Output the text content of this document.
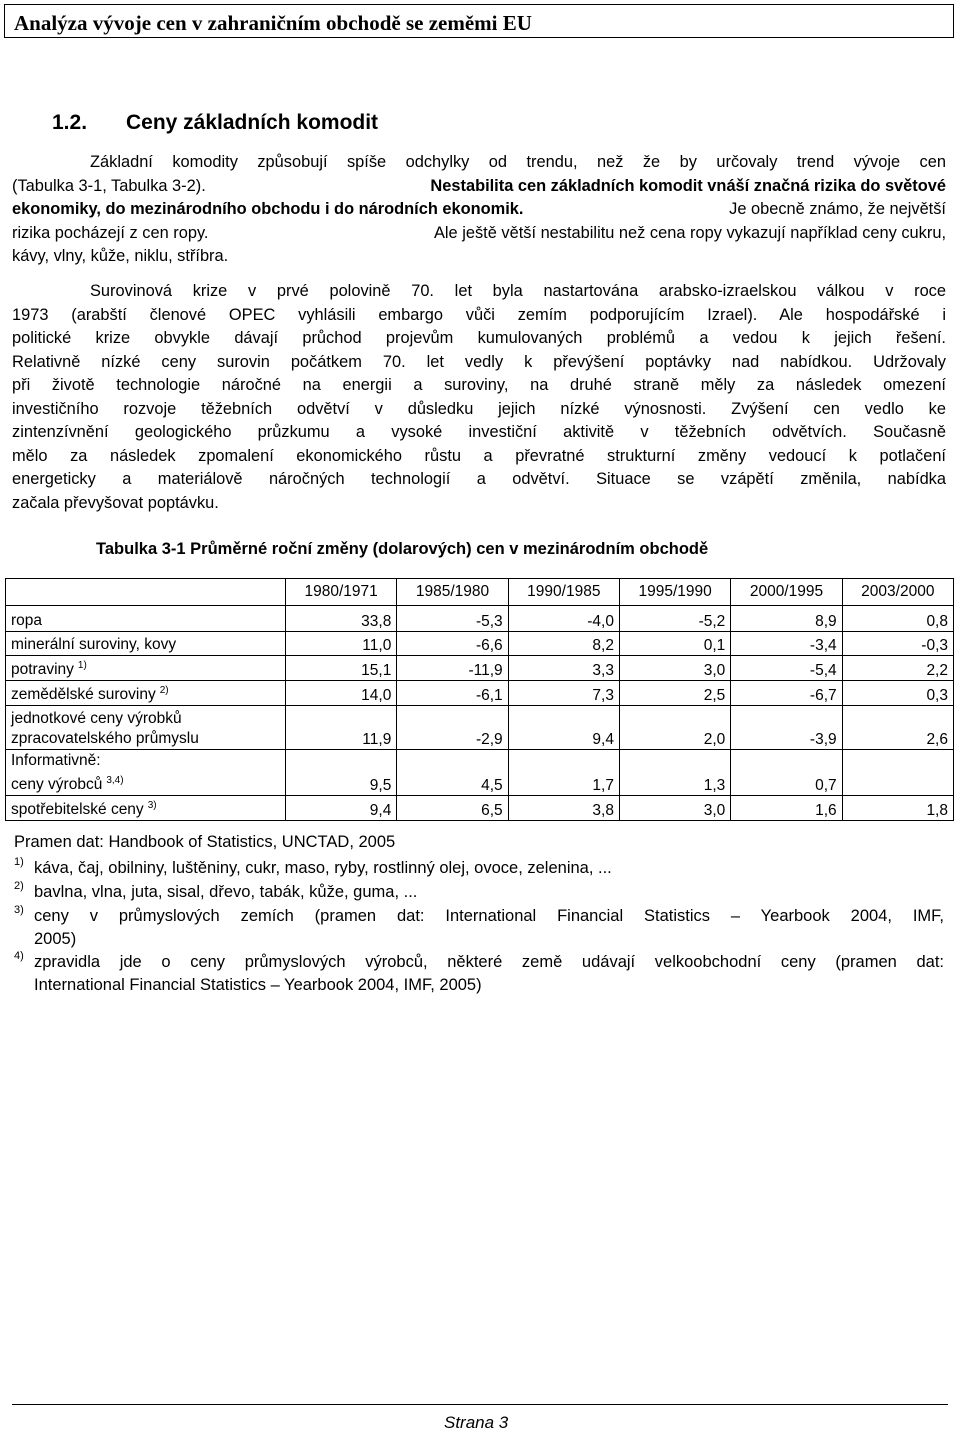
Analýza vývoje cen v zahraničním obchodě se zeměmi EU
1.2. Ceny základních komodit
Základní komodity způsobují spíše odchylky od trendu, než že by určovaly trend vývoje cen
(Tabulka 3-1, Tabulka 3-2).	Nestabilita cen základních komodit vnáší značná rizika do světové
ekonomiky, do mezinárodního obchodu i do národních ekonomik.	Je obecně známo, že největší
rizika pocházejí z cen ropy.	Ale ještě větší nestabilitu než cena ropy vykazují například ceny cukru,
kávy, vlny, kůže, niklu, stříbra.
Surovinová krize v prvé polovině 70. let byla nastartována arabsko-izraelskou válkou v roce
1973 (arabští členové OPEC vyhlásili embargo vůči zemím podporujícím Izrael). Ale hospodářské i
politické krize obvykle dávají průchod projevům kumulovaných problémů a vedou k jejich řešení.
Relativně nízké ceny surovin počátkem 70. let vedly k převýšení poptávky nad nabídkou. Udržovaly
při životě technologie náročné na energii a suroviny, na druhé straně měly za následek omezení
investičního rozvoje těžebních odvětví v důsledku jejich nízké výnosnosti. Zvýšení cen vedlo ke
zintenzívnění geologického průzkumu a vysoké investiční aktivitě v těžebních odvětvích. Současně
mělo za následek zpomalení ekonomického růstu a převratné strukturní změny vedoucí k potlačení
energeticky a materiálově náročných technologií a odvětví. Situace se vzápětí změnila, nabídka
začala převyšovat poptávku.
Tabulka 3-1 Průměrné roční změny (dolarových) cen v mezinárodním obchodě
	1980/1971	1985/1980	1990/1985	1995/1990	2000/1995	2003/2000

ropa	33,8	-5,3	-4,0	-5,2	8,9	0,8

minerální suroviny, kovy	11,0	-6,6	8,2	0,1	-3,4	-0,3

potraviny $^{1)}$	15,1	-11,9	3,3	3,0	-5,4	2,2

zemědělské suroviny $^{2)}$	14,0	-6,1	7,3	2,5	-6,7	0,3

jednotkové ceny výrobků
zpracovatelského průmyslu	11,9	-2,9	9,4	2,0	-3,9	2,6

Informativně:
ceny výrobců $^{3,4)}$	9,5	4,5	1,7	1,3	0,7	

spotřebitelské ceny $^{3)}$	9,4	6,5	3,8	3,0	1,6	1,8
Pramen dat: Handbook of Statistics, UNCTAD, 2005
1) káva, čaj, obilniny, luštěniny, cukr, maso, ryby, rostlinný olej, ovoce, zelenina, ...
2) bavlna, vlna, juta, sisal, dřevo, tabák, kůže, guma, ...
3) ceny v průmyslových zemích (pramen dat: International Financial Statistics – Yearbook 2004, IMF,
2005)
4) zpravidla jde o ceny průmyslových výrobců, některé země udávají velkoobchodní ceny (pramen dat:
International Financial Statistics – Yearbook 2004, IMF, 2005)
Strana 3
